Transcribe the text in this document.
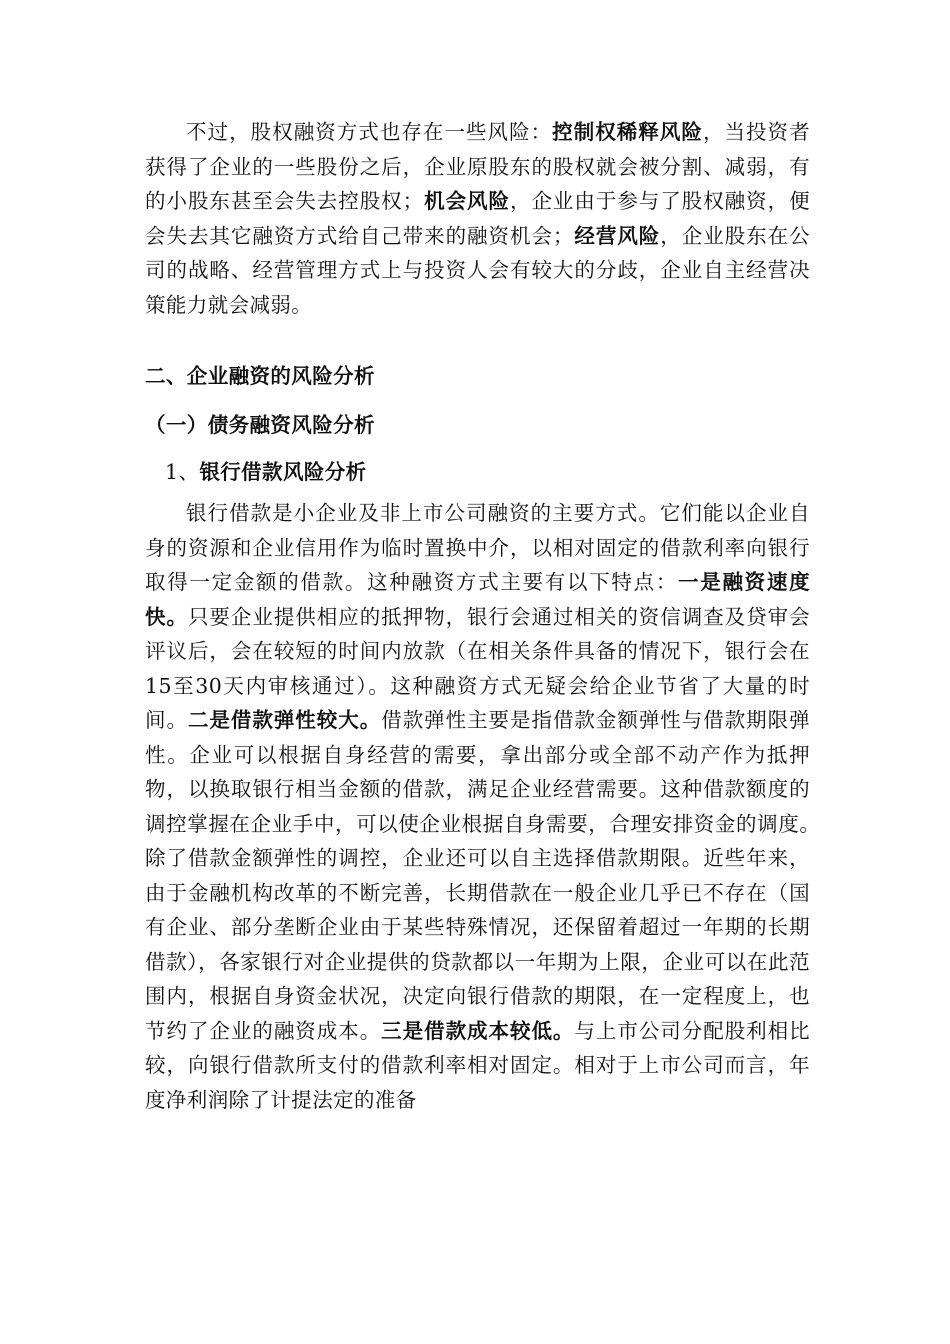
不过，股权融资方式也存在一些风险：控制权稀释风险，当投资者获得了企业的一些股份之后，企业原股东的股权就会被分割、减弱，有的小股东甚至会失去控股权；机会风险，企业由于参与了股权融资，便会失去其它融资方式给自己带来的融资机会；经营风险，企业股东在公司的战略、经营管理方式上与投资人会有较大的分歧，企业自主经营决策能力就会减弱。

二、企业融资的风险分析
（一）债务融资风险分析
1、银行借款风险分析

银行借款是小企业及非上市公司融资的主要方式。它们能以企业自身的资源和企业信用作为临时置换中介，以相对固定的借款利率向银行取得一定金额的借款。这种融资方式主要有以下特点：一是融资速度快。只要企业提供相应的抵押物，银行会通过相关的资信调查及贷审会评议后，会在较短的时间内放款（在相关条件具备的情况下，银行会在15至30天内审核通过）。这种融资方式无疑会给企业节省了大量的时间。二是借款弹性较大。借款弹性主要是指借款金额弹性与借款期限弹性。企业可以根据自身经营的需要，拿出部分或全部不动产作为抵押物，以换取银行相当金额的借款，满足企业经营需要。这种借款额度的调控掌握在企业手中，可以使企业根据自身需要，合理安排资金的调度。　除了借款金额弹性的调控，企业还可以自主选择借款期限。近些年来，由于金融机构改革的不断完善，长期借款在一般企业几乎已不存在（国有企业、部分垄断企业由于某些特殊情况，还保留着超过一年期的长期借款），各家银行对企业提供的贷款都以一年期为上限，企业可以在此范围内，根据自身资金状况，决定向银行借款的期限，在一定程度上，也节约了企业的融资成本。三是借款成本较低。与上市公司分配股利相比较，向银行借款所支付的借款利率相对固定。相对于上市公司而言，年度净利润除了计提法定的准备
